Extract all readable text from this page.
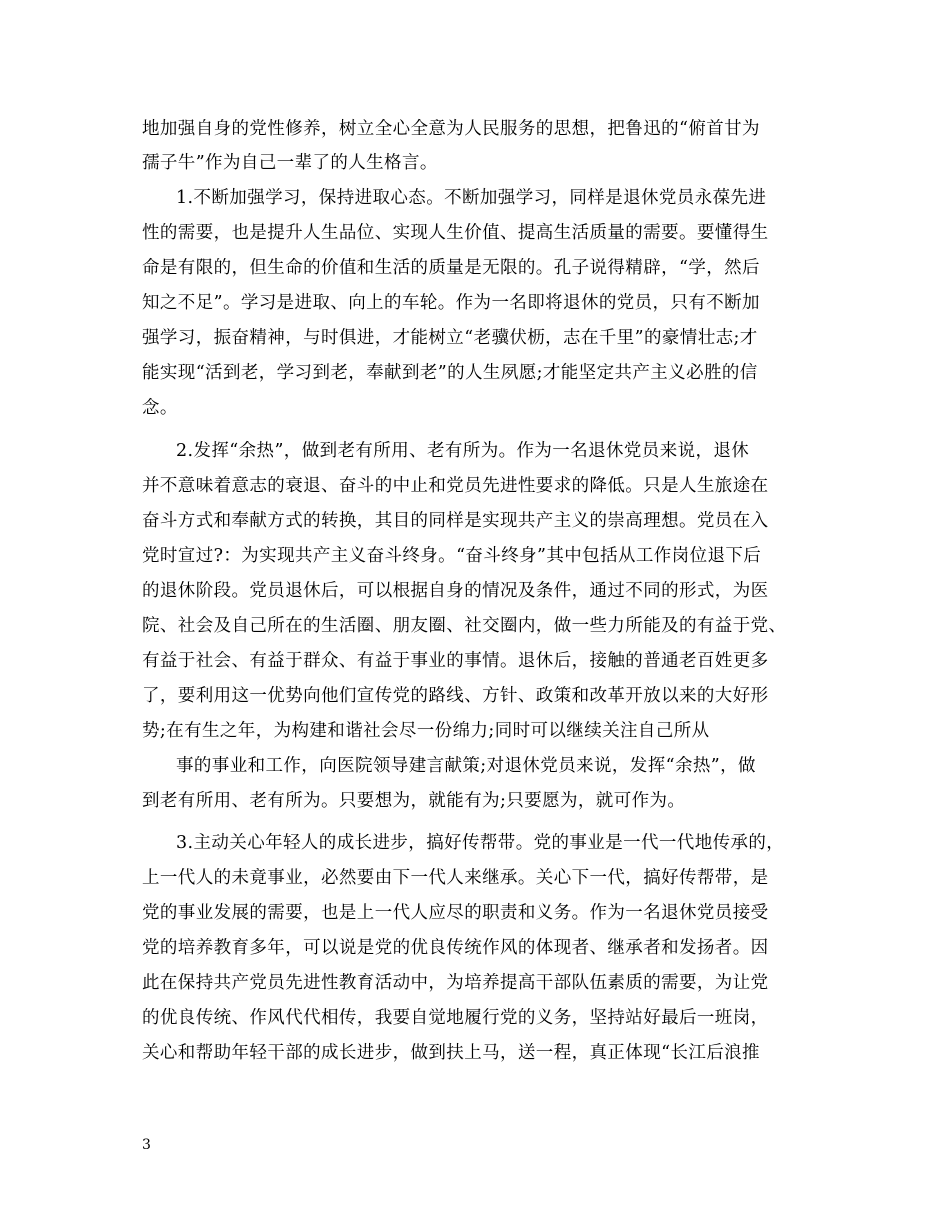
地加强自身的党性修养，树立全心全意为人民服务的思想，把鲁迅的“俯首甘为
孺子牛”作为自己一辈了的人生格言。
1.不断加强学习，保持进取心态。不断加强学习，同样是退休党员永葆先进
性的需要，也是提升人生品位、实现人生价值、提高生活质量的需要。要懂得生
命是有限的，但生命的价值和生活的质量是无限的。孔子说得精辟，“学，然后
知之不足”。学习是进取、向上的车轮。作为一名即将退休的党员，只有不断加
强学习，振奋精神，与时俱进，才能树立“老骥伏枥，志在千里”的豪情壮志;才
能实现“活到老，学习到老，奉献到老”的人生夙愿;才能坚定共产主义必胜的信
念。
2.发挥“余热”，做到老有所用、老有所为。作为一名退休党员来说，退休
并不意味着意志的衰退、奋斗的中止和党员先进性要求的降低。只是人生旅途在
奋斗方式和奉献方式的转换，其目的同样是实现共产主义的崇高理想。党员在入
党时宣过?：为实现共产主义奋斗终身。“奋斗终身”其中包括从工作岗位退下后
的退休阶段。党员退休后，可以根据自身的情况及条件，通过不同的形式，为医
院、社会及自己所在的生活圈、朋友圈、社交圈内，做一些力所能及的有益于党、
有益于社会、有益于群众、有益于事业的事情。退休后，接触的普通老百姓更多
了，要利用这一优势向他们宣传党的路线、方针、政策和改革开放以来的大好形
势;在有生之年，为构建和谐社会尽一份绵力;同时可以继续关注自己所从
事的事业和工作，向医院领导建言献策;对退休党员来说，发挥“余热”，做
到老有所用、老有所为。只要想为，就能有为;只要愿为，就可作为。
3.主动关心年轻人的成长进步，搞好传帮带。党的事业是一代一代地传承的，
上一代人的未竟事业，必然要由下一代人来继承。关心下一代，搞好传帮带，是
党的事业发展的需要，也是上一代人应尽的职责和义务。作为一名退休党员接受
党的培养教育多年，可以说是党的优良传统作风的体现者、继承者和发扬者。因
此在保持共产党员先进性教育活动中，为培养提高干部队伍素质的需要，为让党
的优良传统、作风代代相传，我要自觉地履行党的义务，坚持站好最后一班岗，
关心和帮助年轻干部的成长进步，做到扶上马，送一程，真正体现“长江后浪推
3
